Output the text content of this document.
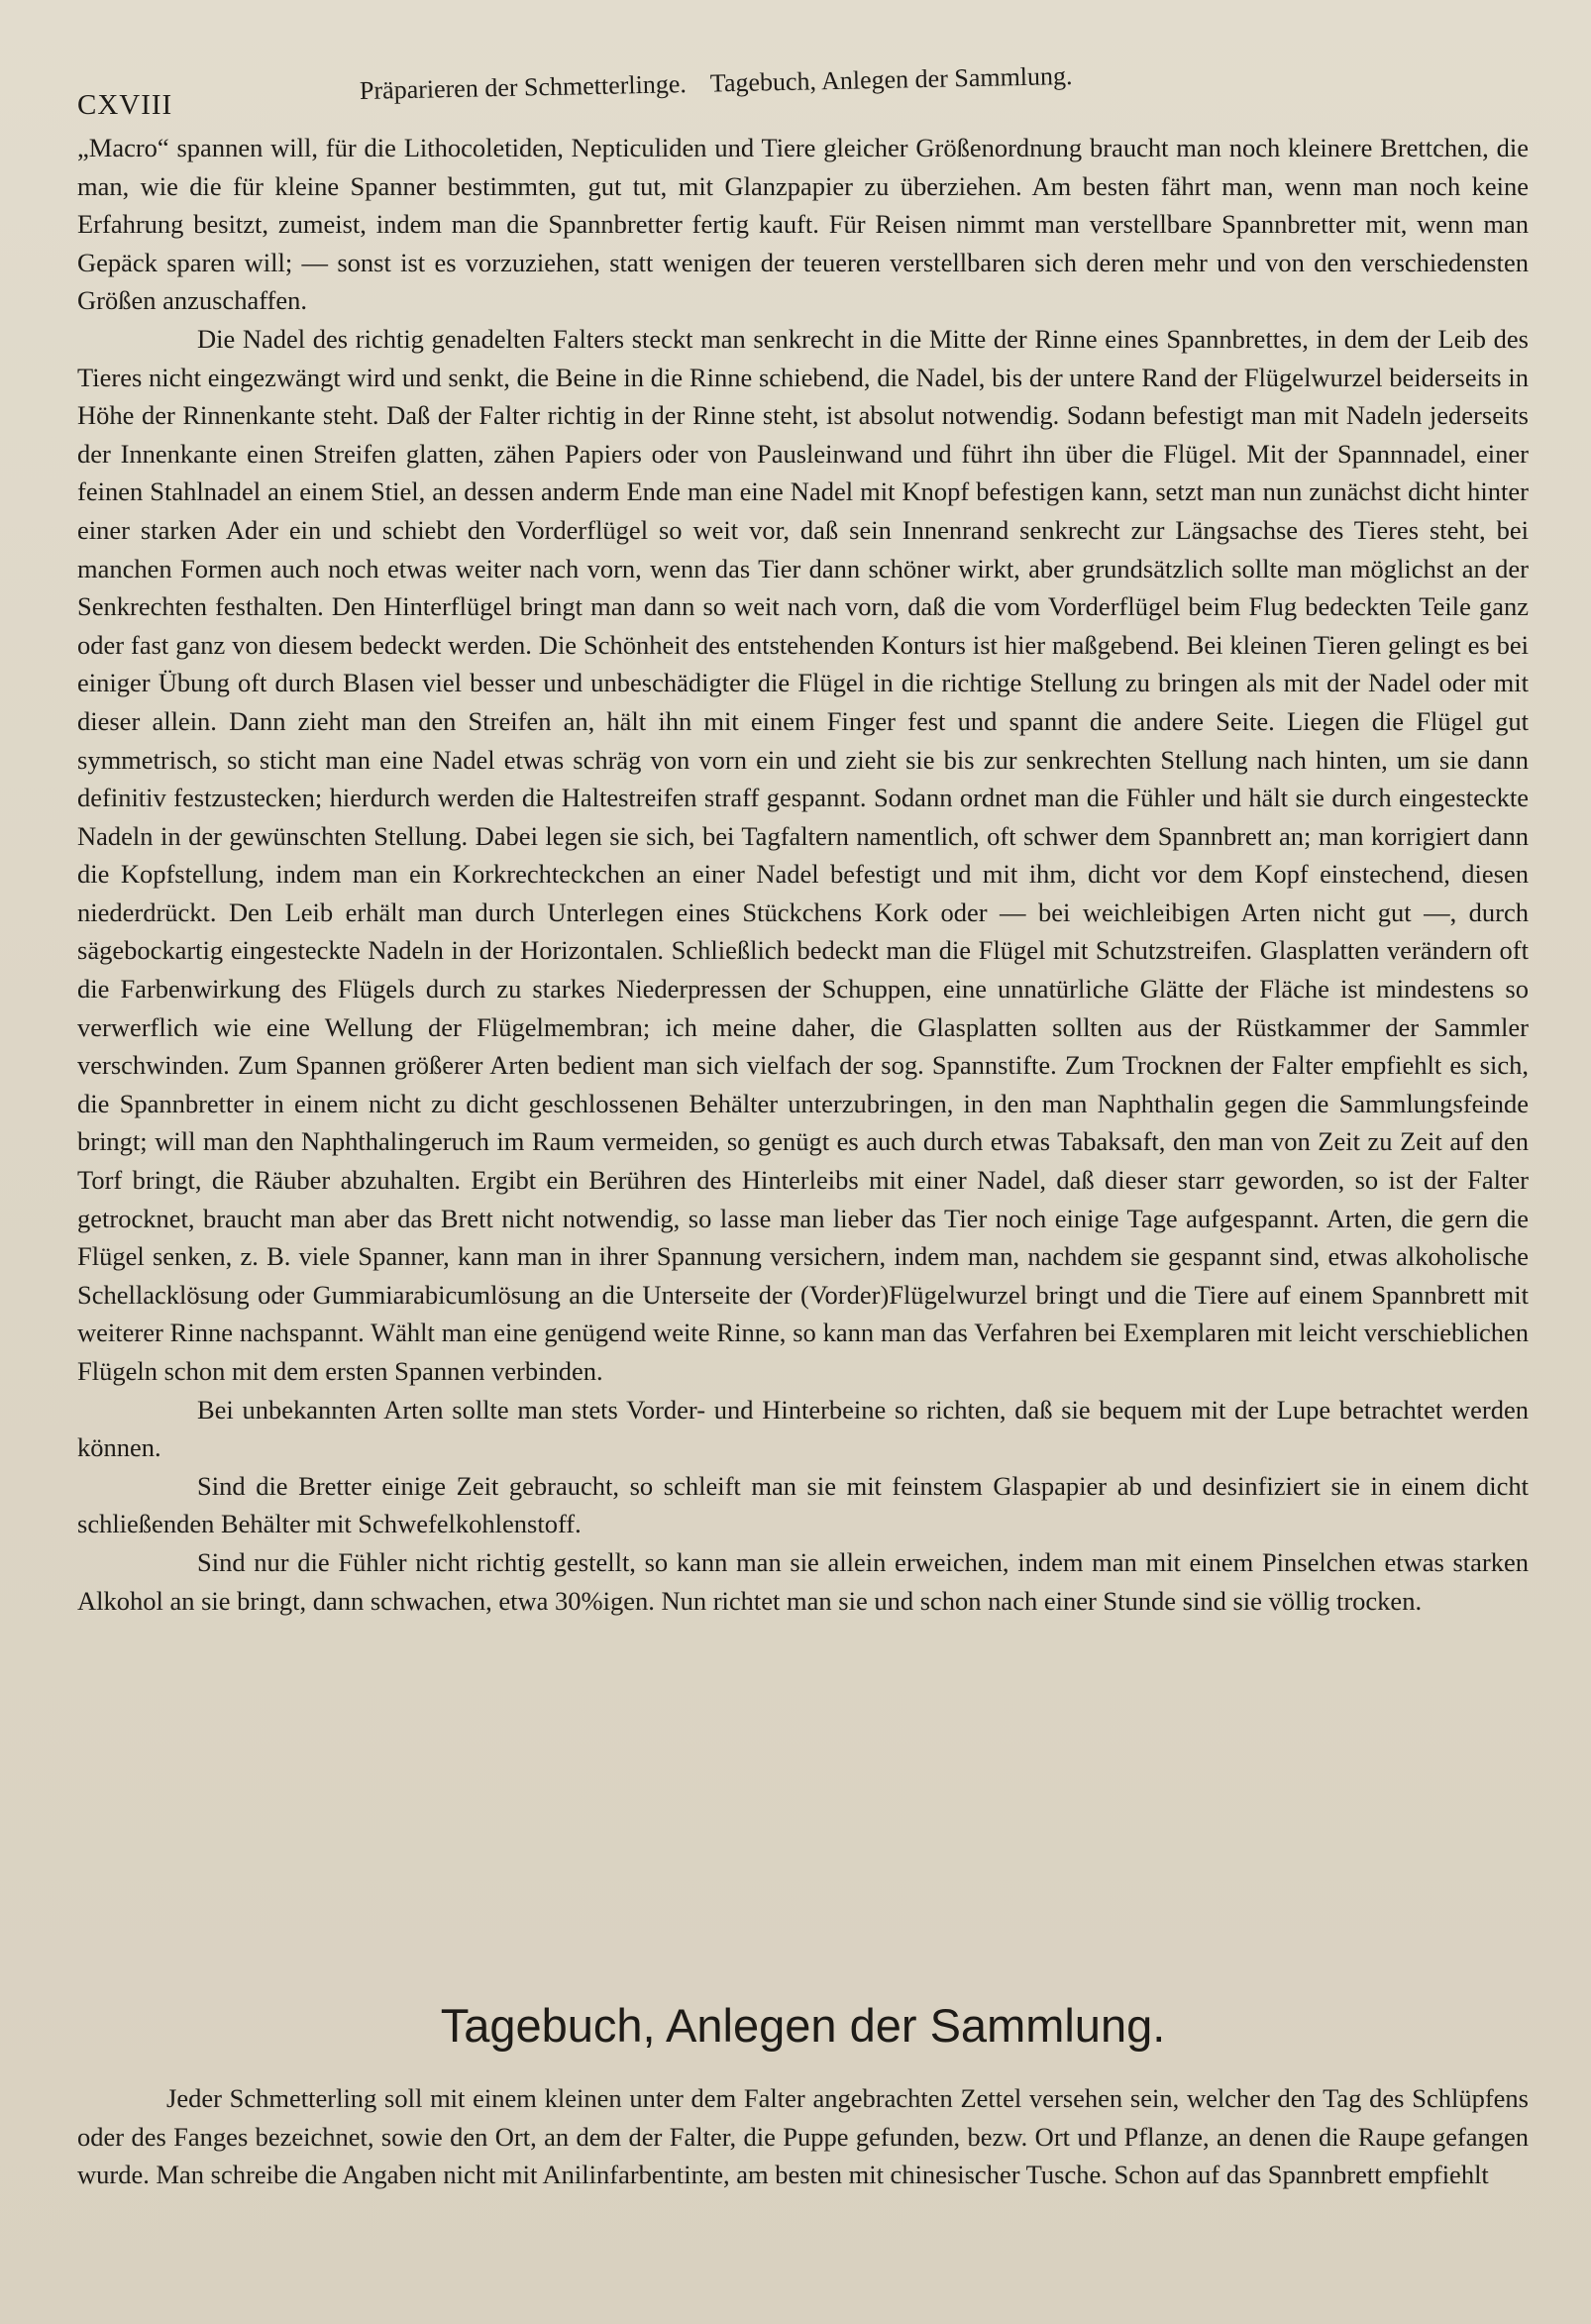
CXVIII
Präparieren der Schmetterlinge. Tagebuch, Anlegen der Sammlung.

„Macro“ spannen will, für die Lithocoletiden, Nepticuliden und Tiere gleicher Größenordnung braucht man noch kleinere Brettchen, die man, wie die für kleine Spanner bestimmten, gut tut, mit Glanzpapier zu überziehen. Am besten fährt man, wenn man noch keine Erfahrung besitzt, zumeist, indem man die Spannbretter fertig kauft. Für Reisen nimmt man verstellbare Spannbretter mit, wenn man Gepäck sparen will; — sonst ist es vorzuziehen, statt wenigen der teueren verstellbaren sich deren mehr und von den verschiedensten Größen anzuschaffen.

Die Nadel des richtig genadelten Falters steckt man senkrecht in die Mitte der Rinne eines Spannbrettes, in dem der Leib des Tieres nicht eingezwängt wird und senkt, die Beine in die Rinne schiebend, die Nadel, bis der untere Rand der Flügelwurzel beiderseits in Höhe der Rinnenkante steht. Daß der Falter richtig in der Rinne steht, ist absolut notwendig. Sodann befestigt man mit Nadeln jederseits der Innenkante einen Streifen glatten, zähen Papiers oder von Pausleinwand und führt ihn über die Flügel. Mit der Spannnadel, einer feinen Stahlnadel an einem Stiel, an dessen anderm Ende man eine Nadel mit Knopf befestigen kann, setzt man nun zunächst dicht hinter einer starken Ader ein und schiebt den Vorderflügel so weit vor, daß sein Innenrand senkrecht zur Längsachse des Tieres steht, bei manchen Formen auch noch etwas weiter nach vorn, wenn das Tier dann schöner wirkt, aber grundsätzlich sollte man möglichst an der Senkrechten festhalten. Den Hinterflügel bringt man dann so weit nach vorn, daß die vom Vorderflügel beim Flug bedeckten Teile ganz oder fast ganz von diesem bedeckt werden. Die Schönheit des entstehenden Konturs ist hier maßgebend. Bei kleinen Tieren gelingt es bei einiger Übung oft durch Blasen viel besser und unbeschädigter die Flügel in die richtige Stellung zu bringen als mit der Nadel oder mit dieser allein. Dann zieht man den Streifen an, hält ihn mit einem Finger fest und spannt die andere Seite. Liegen die Flügel gut symmetrisch, so sticht man eine Nadel etwas schräg von vorn ein und zieht sie bis zur senkrechten Stellung nach hinten, um sie dann definitiv festzustecken; hierdurch werden die Haltestreifen straff gespannt. Sodann ordnet man die Fühler und hält sie durch eingesteckte Nadeln in der gewünschten Stellung. Dabei legen sie sich, bei Tagfaltern namentlich, oft schwer dem Spannbrett an; man korrigiert dann die Kopfstellung, indem man ein Korkrechteckchen an einer Nadel befestigt und mit ihm, dicht vor dem Kopf einstechend, diesen niederdrückt. Den Leib erhält man durch Unterlegen eines Stückchens Kork oder — bei weichleibigen Arten nicht gut —, durch sägebockartig eingesteckte Nadeln in der Horizontalen. Schließlich bedeckt man die Flügel mit Schutzstreifen. Glasplatten verändern oft die Farbenwirkung des Flügels durch zu starkes Niederpressen der Schuppen, eine unnatürliche Glätte der Fläche ist mindestens so verwerflich wie eine Wellung der Flügelmembran; ich meine daher, die Glasplatten sollten aus der Rüstkammer der Sammler verschwinden. Zum Spannen größerer Arten bedient man sich vielfach der sog. Spannstifte. Zum Trocknen der Falter empfiehlt es sich, die Spannbretter in einem nicht zu dicht geschlossenen Behälter unterzubringen, in den man Naphthalin gegen die Sammlungsfeinde bringt; will man den Naphthalingeruch im Raum vermeiden, so genügt es auch durch etwas Tabaksaft, den man von Zeit zu Zeit auf den Torf bringt, die Räuber abzuhalten. Ergibt ein Berühren des Hinterleibs mit einer Nadel, daß dieser starr geworden, so ist der Falter getrocknet, braucht man aber das Brett nicht notwendig, so lasse man lieber das Tier noch einige Tage aufgespannt. Arten, die gern die Flügel senken, z. B. viele Spanner, kann man in ihrer Spannung versichern, indem man, nachdem sie gespannt sind, etwas alkoholische Schellacklösung oder Gummiarabicumlösung an die Unterseite der (Vorder)Flügelwurzel bringt und die Tiere auf einem Spannbrett mit weiterer Rinne nachspannt. Wählt man eine genügend weite Rinne, so kann man das Verfahren bei Exemplaren mit leicht verschieblichen Flügeln schon mit dem ersten Spannen verbinden.

Bei unbekannten Arten sollte man stets Vorder- und Hinterbeine so richten, daß sie bequem mit der Lupe betrachtet werden können.

Sind die Bretter einige Zeit gebraucht, so schleift man sie mit feinstem Glaspapier ab und desinfiziert sie in einem dicht schließenden Behälter mit Schwefelkohlenstoff.

Sind nur die Fühler nicht richtig gestellt, so kann man sie allein erweichen, indem man mit einem Pinselchen etwas starken Alkohol an sie bringt, dann schwachen, etwa 30%igen. Nun richtet man sie und schon nach einer Stunde sind sie völlig trocken.

Tagebuch, Anlegen der Sammlung.

Jeder Schmetterling soll mit einem kleinen unter dem Falter angebrachten Zettel versehen sein, welcher den Tag des Schlüpfens oder des Fanges bezeichnet, sowie den Ort, an dem der Falter, die Puppe gefunden, bezw. Ort und Pflanze, an denen die Raupe gefangen wurde. Man schreibe die Angaben nicht mit Anilinfarbentinte, am besten mit chinesischer Tusche. Schon auf das Spannbrett empfiehlt
